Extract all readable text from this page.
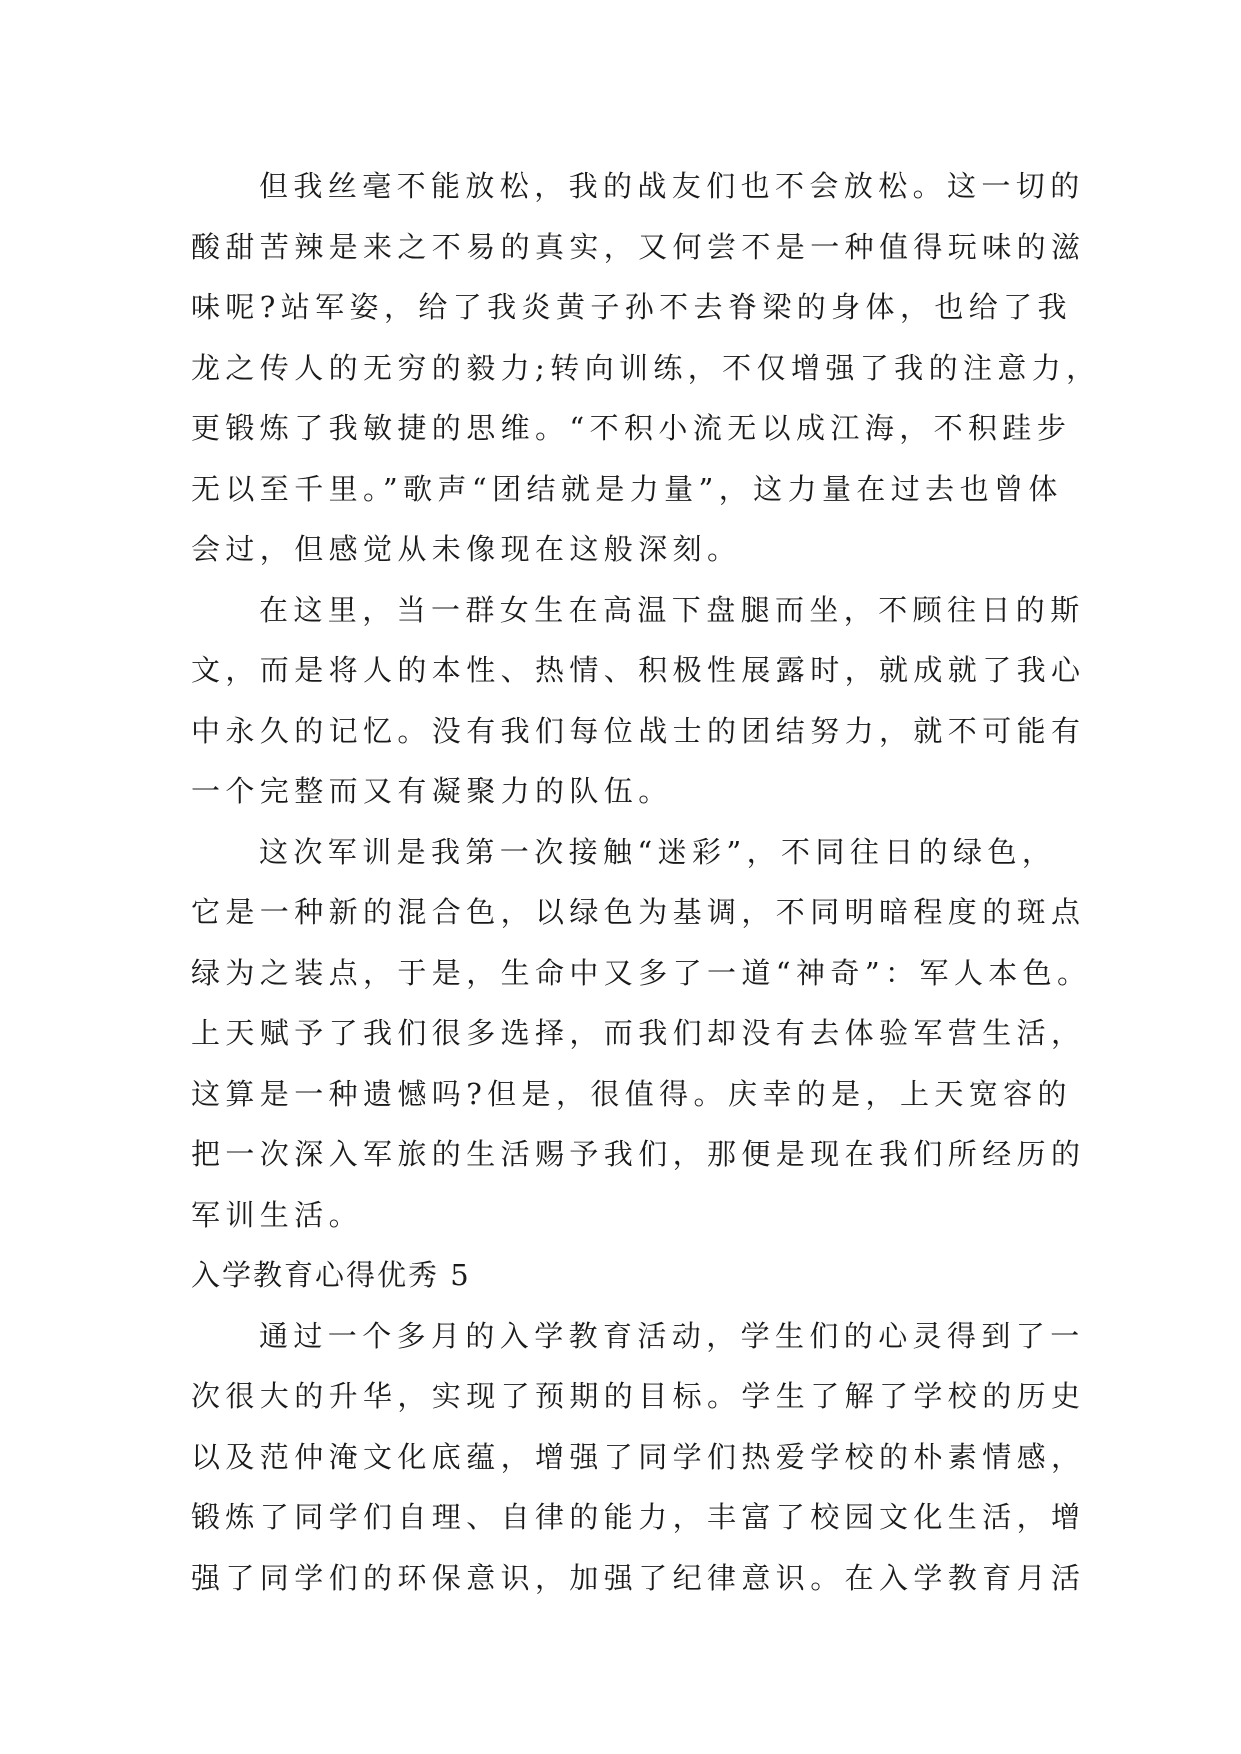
但我丝毫不能放松，我的战友们也不会放松。这一切的
酸甜苦辣是来之不易的真实，又何尝不是一种值得玩味的滋
味呢?站军姿，给了我炎黄子孙不去脊梁的身体，也给了我
龙之传人的无穷的毅力;转向训练，不仅增强了我的注意力，
更锻炼了我敏捷的思维。“不积小流无以成江海，不积跬步
无以至千里。”歌声“团结就是力量”，这力量在过去也曾体
会过，但感觉从未像现在这般深刻。
在这里，当一群女生在高温下盘腿而坐，不顾往日的斯
文，而是将人的本性、热情、积极性展露时，就成就了我心
中永久的记忆。没有我们每位战士的团结努力，就不可能有
一个完整而又有凝聚力的队伍。
这次军训是我第一次接触“迷彩”，不同往日的绿色，
它是一种新的混合色，以绿色为基调，不同明暗程度的斑点
绿为之装点，于是，生命中又多了一道“神奇”：军人本色。
上天赋予了我们很多选择，而我们却没有去体验军营生活，
这算是一种遗憾吗?但是，很值得。庆幸的是，上天宽容的
把一次深入军旅的生活赐予我们，那便是现在我们所经历的
军训生活。
入学教育心得优秀 5
通过一个多月的入学教育活动，学生们的心灵得到了一
次很大的升华，实现了预期的目标。学生了解了学校的历史
以及范仲淹文化底蕴，增强了同学们热爱学校的朴素情感，
锻炼了同学们自理、自律的能力，丰富了校园文化生活，增
强了同学们的环保意识，加强了纪律意识。在入学教育月活
